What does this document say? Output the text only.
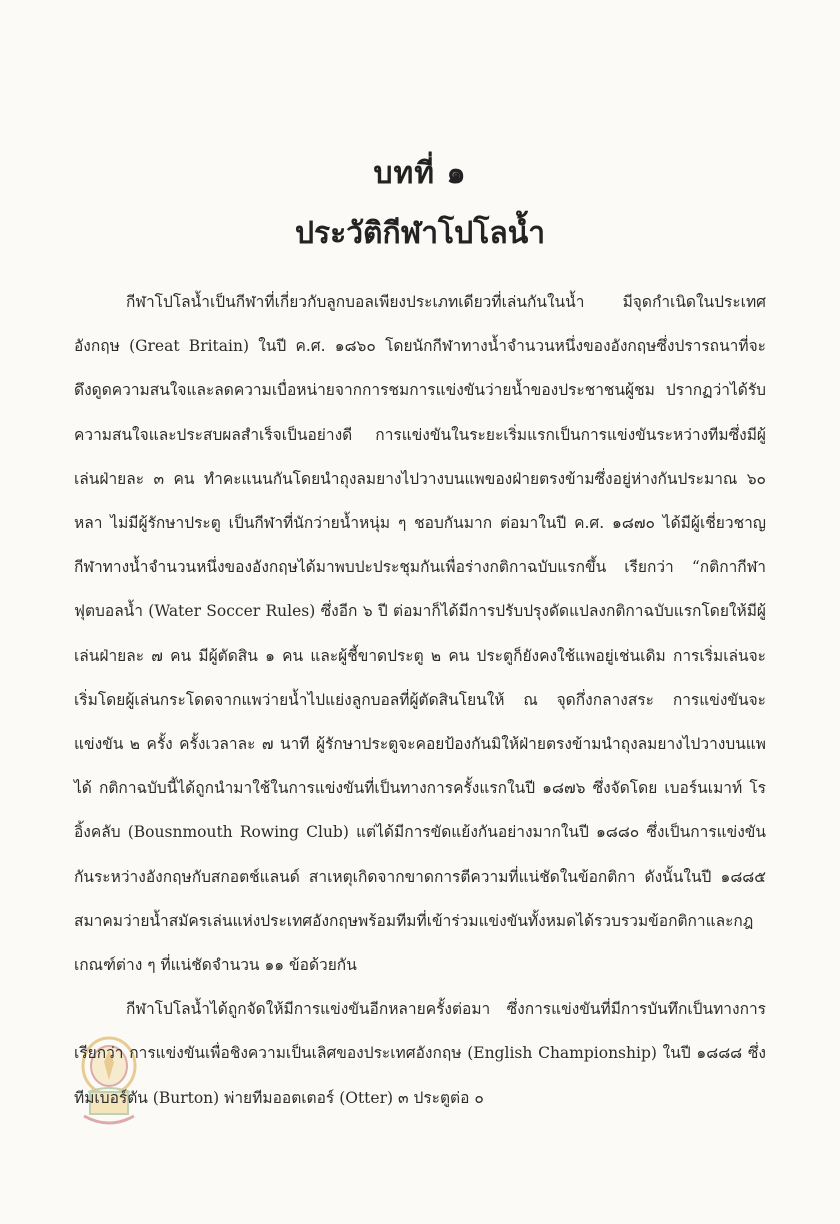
บทที่ ๑
ประวัติกีฬาโปโลน้ำ

กีฬาโปโลน้ำเป็นกีฬาที่เกี่ยวกับลูกบอลเพียงประเภทเดียวที่เล่นกันในน้ำ มีจุดกำเนิดในประเทศอังกฤษ (Great Britain) ในปี ค.ศ. ๑๘๖๐ โดยนักกีฬาทางน้ำจำนวนหนึ่งของอังกฤษซึ่งปรารถนาที่จะดึงดูดความสนใจและลดความเบื่อหน่ายจากการชมการแข่งขันว่ายน้ำของประชาชนผู้ชม ปรากฏว่าได้รับความสนใจและประสบผลสำเร็จเป็นอย่างดี การแข่งขันในระยะเริ่มแรกเป็นการแข่งขันระหว่างทีมซึ่งมีผู้เล่นฝ่ายละ ๓ คน ทำคะแนนกันโดยนำถุงลมยางไปวางบนแพของฝ่ายตรงข้ามซึ่งอยู่ห่างกันประมาณ ๖๐ หลา ไม่มีผู้รักษาประตู เป็นกีฬาที่นักว่ายน้ำหนุ่ม ๆ ชอบกันมาก ต่อมาในปี ค.ศ. ๑๘๗๐ ได้มีผู้เชี่ยวชาญกีฬาทางน้ำจำนวนหนึ่งของอังกฤษได้มาพบปะประชุมกันเพื่อร่างกติกาฉบับแรกขึ้น เรียกว่า “กติกากีฬาฟุตบอลน้ำ (Water Soccer Rules) ซึ่งอีก ๖ ปี ต่อมาก็ได้มีการปรับปรุงดัดแปลงกติกาฉบับแรกโดยให้มีผู้เล่นฝ่ายละ ๗ คน มีผู้ตัดสิน ๑ คน และผู้ชี้ขาดประตู ๒ คน ประตูก็ยังคงใช้แพอยู่เช่นเดิม การเริ่มเล่นจะเริ่มโดยผู้เล่นกระโดดจากแพว่ายน้ำไปแย่งลูกบอลที่ผู้ตัดสินโยนให้ ณ จุดกึ่งกลางสระ การแข่งขันจะแข่งขัน ๒ ครั้ง ครั้งเวลาละ ๗ นาที ผู้รักษาประตูจะคอยป้องกันมิให้ฝ่ายตรงข้ามนำถุงลมยางไปวางบนแพได้ กติกาฉบับนี้ได้ถูกนำมาใช้ในการแข่งขันที่เป็นทางการครั้งแรกในปี ๑๘๗๖ ซึ่งจัดโดย เบอร์นเมาท์ โรอิ้งคลับ (Bousnmouth Rowing Club) แต่ได้มีการขัดแย้งกันอย่างมากในปี ๑๘๘๐ ซึ่งเป็นการแข่งขันกันระหว่างอังกฤษกับสกอตช์แลนด์ สาเหตุเกิดจากขาดการตีความที่แน่ชัดในข้อกติกา ดังนั้นในปี ๑๘๘๕ สมาคมว่ายน้ำสมัครเล่นแห่งประเทศอังกฤษพร้อมทีมที่เข้าร่วมแข่งขันทั้งหมดได้รวบรวมข้อกติกาและกฎเกณฑ์ต่าง ๆ ที่แน่ชัดจำนวน ๑๑ ข้อด้วยกัน

กีฬาโปโลน้ำได้ถูกจัดให้มีการแข่งขันอีกหลายครั้งต่อมา ซึ่งการแข่งขันที่มีการบันทึกเป็นทางการเรียกว่า การแข่งขันเพื่อชิงความเป็นเลิศของประเทศอังกฤษ (English Championship) ในปี ๑๘๘๘ ซึ่งทีมเบอร์ตัน (Burton) พ่ายทีมออตเตอร์ (Otter) ๓ ประตูต่อ ๐
